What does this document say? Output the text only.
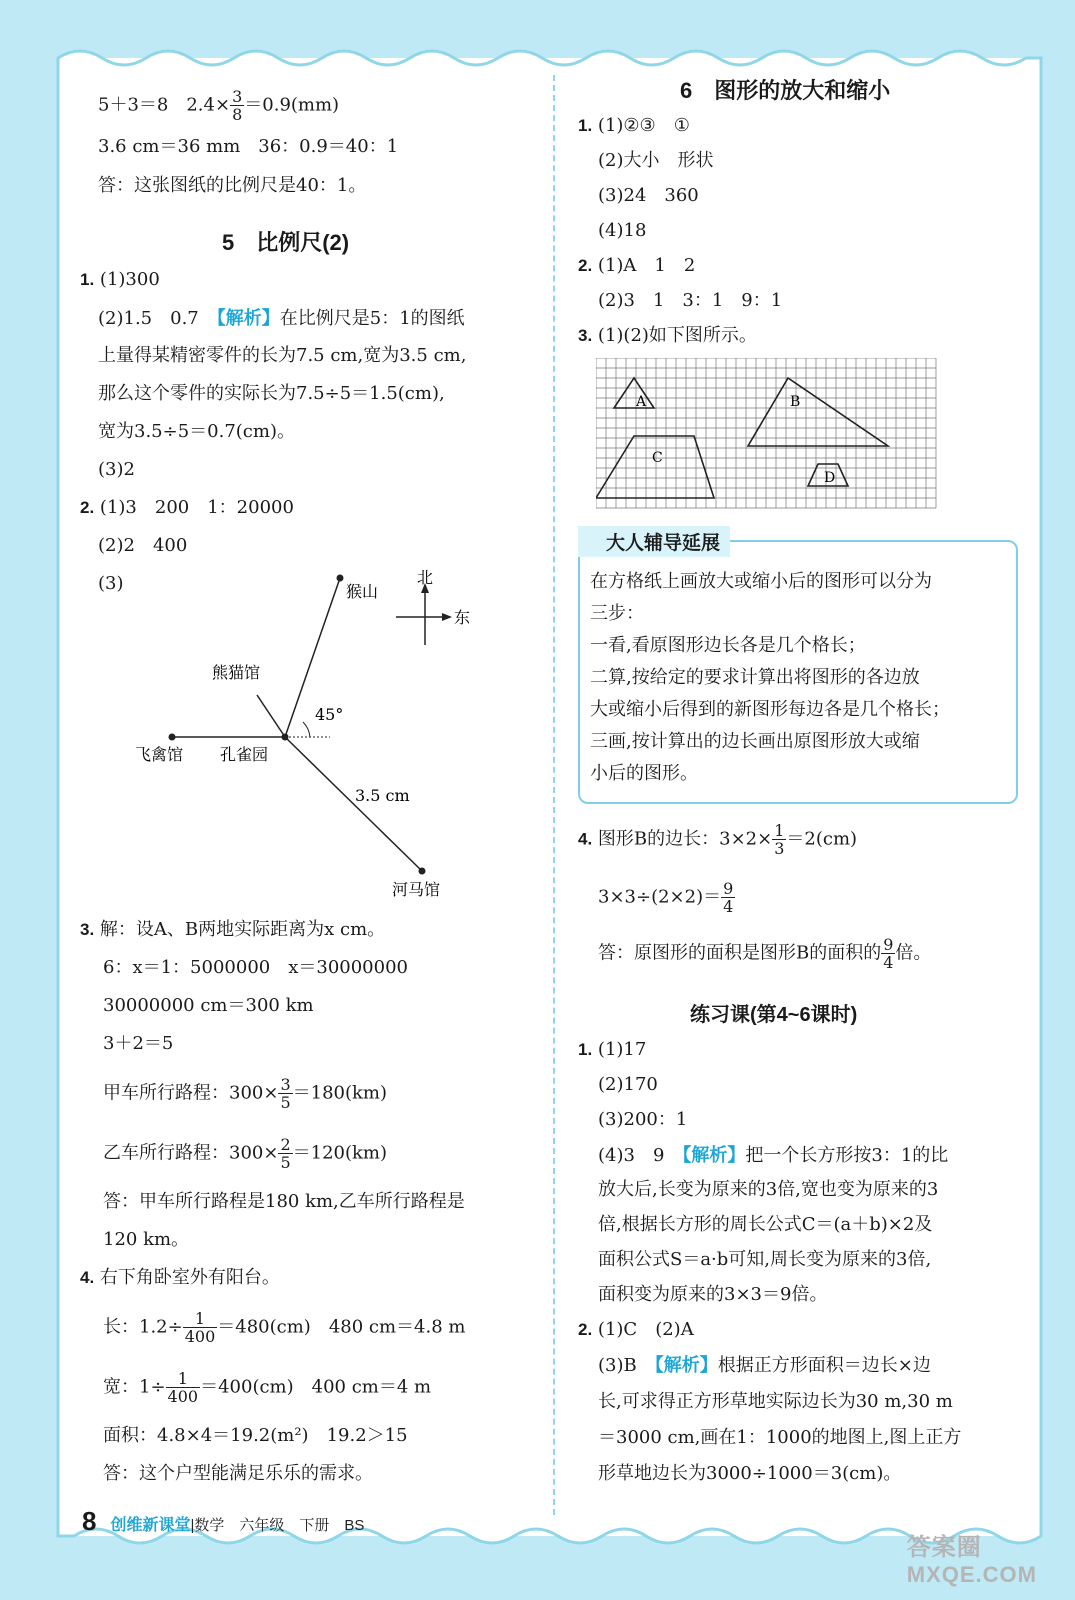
5＋3＝8　$2.4\times \frac{3}{8} =0.9(mm)$
3.6 cm＝36 mm　36：0.9＝40：1
答：这张图纸的比例尺是40：1。
5　比例尺(2)
1. (1)300
(2)1.5　0.7　【解析】在比例尺是5：1的图纸
上量得某精密零件的长为7.5 cm,宽为3.5 cm,
那么这个零件的实际长为7.5÷5＝1.5(cm),
宽为3.5÷5＝0.7(cm)。
(3)2
2. (1)3　200　1：20000
(2)2　400
(3)	北
东
猴山
熊猫馆
飞禽馆 孔雀园
河马馆
45°
3.5 cm
3. 解：设A、B两地实际距离为x cm。
6：x＝1：5000000　x＝30000000
30000000 cm＝300 km
3＋2＝5
甲车所行路程：$300\times \frac{3}{5} =180(km)$
乙车所行路程：$300\times \frac{2}{5} =120(km)$
答：甲车所行路程是180 km,乙车所行路程是
120 km。
4. 右下角卧室外有阳台。
长：$1.2\div \frac{1}{400} =480(cm)$　480 cm＝4.8 m
宽：$1\div \frac{1}{400} =400(cm)$　400 cm＝4 m
面积：4.8×4＝19.2(m²)　19.2＞15
答：这个户型能满足乐乐的需求。
6　图形的放大和缩小
1. (1)②③　①
(2)大小　形状
(3)24　360
(4)18
2. (1)A　1　2
(2)3　1　3：1　9：1
3. (1)(2)如下图所示。
A	B
C
D
大人辅导延展
在方格纸上画放大或缩小后的图形可以分为
三步：
一看,看原图形边长各是几个格长；
二算,按给定的要求计算出将图形的各边放
大或缩小后得到的新图形每边各是几个格长；
三画,按计算出的边长画出原图形放大或缩
小后的图形。
4. 图形B的边长：$3\times 2\times \frac{1}{3} =2(cm)$
$3\times 3\div(2\times 2)= \frac{9}{4}$
答：原图形的面积是图形B的面积的 $\frac{9}{4}$ 倍。
练习课(第4~6课时)
1. (1)17
(2)170
(3)200：1
(4)3　9　【解析】把一个长方形按3：1的比
放大后,长变为原来的3倍,宽也变为原来的3
倍,根据长方形的周长公式C＝(a＋b)×2及
面积公式S＝a·b可知,周长变为原来的3倍,
面积变为原来的3×3＝9倍。
2. (1)C　(2)A
(3)B　【解析】根据正方形面积＝边长×边
长,可求得正方形草地实际边长为30 m,30 m
＝3000 cm,画在1：1000的地图上,图上正方
形草地边长为3000÷1000＝3(cm)。
8 创维新课堂|数学　六年级　下册　BS
答案圈
MXQE.COM
